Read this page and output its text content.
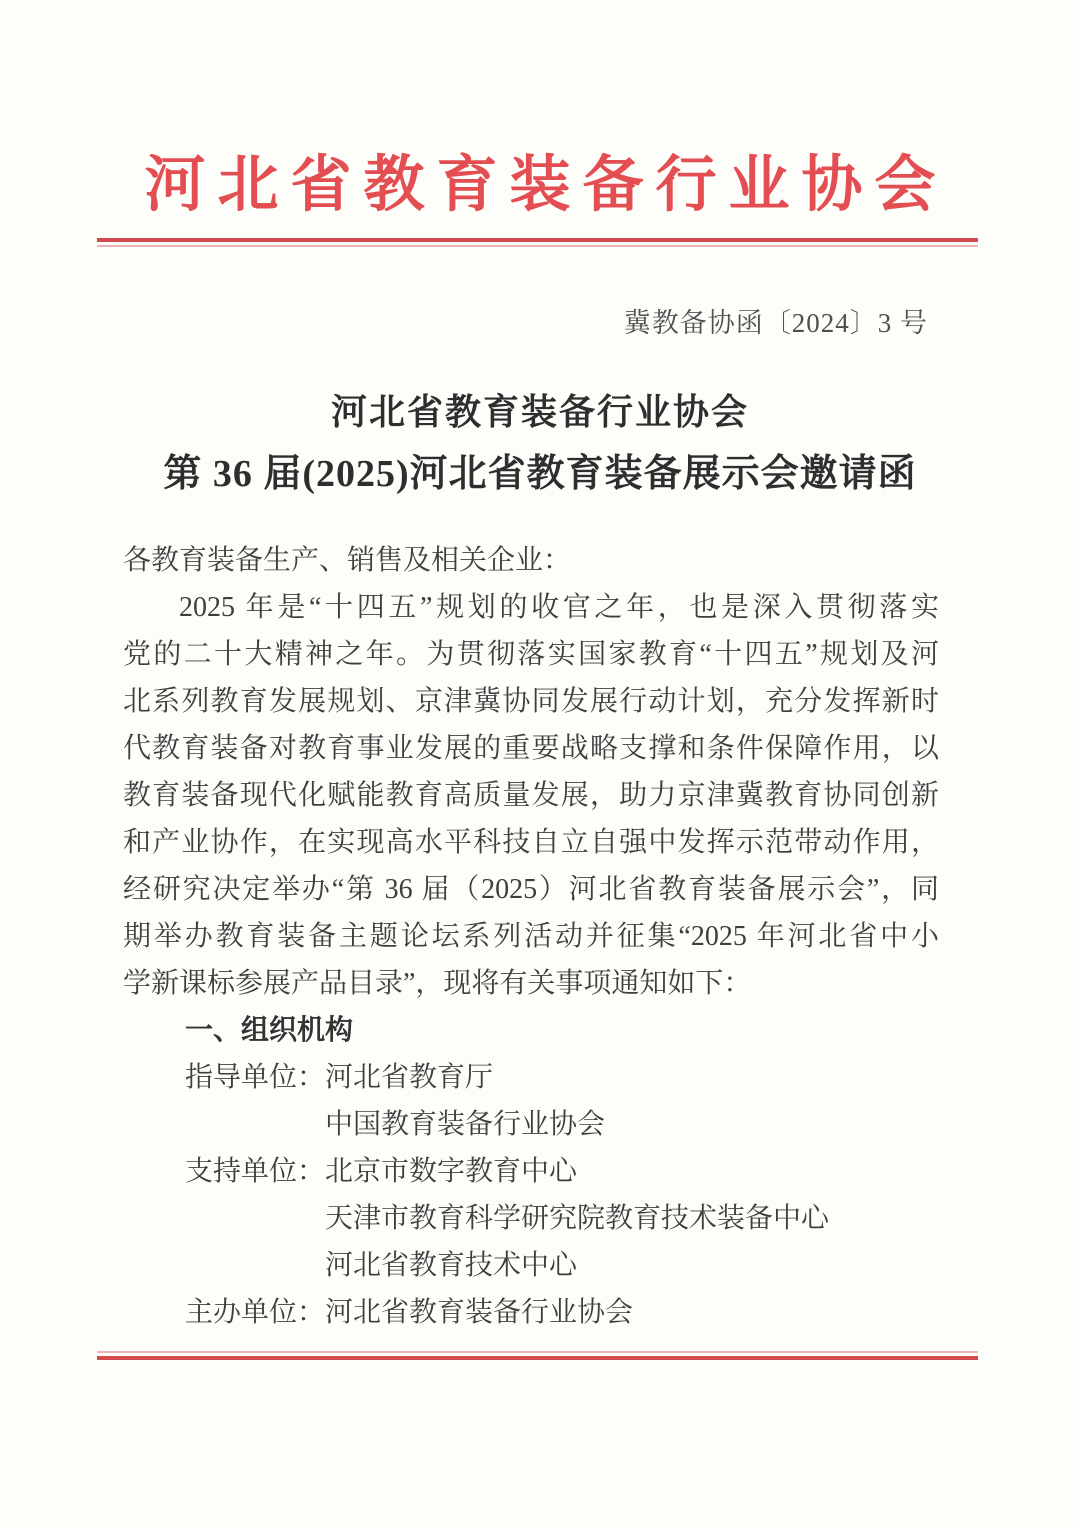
河北省教育装备行业协会
冀教备协函〔2024〕3 号
河北省教育装备行业协会
第 36 届(2025)河北省教育装备展示会邀请函
各教育装备生产、销售及相关企业：
2025 年是“十四五”规划的收官之年，也是深入贯彻落实
党的二十大精神之年。为贯彻落实国家教育“十四五”规划及河
北系列教育发展规划、京津冀协同发展行动计划，充分发挥新时
代教育装备对教育事业发展的重要战略支撑和条件保障作用，以
教育装备现代化赋能教育高质量发展，助力京津冀教育协同创新
和产业协作，在实现高水平科技自立自强中发挥示范带动作用，
经研究决定举办“第 36 届（2025）河北省教育装备展示会”，同
期举办教育装备主题论坛系列活动并征集“2025 年河北省中小
学新课标参展产品目录”，现将有关事项通知如下：
一、组织机构
指导单位：河北省教育厅
中国教育装备行业协会
支持单位：北京市数字教育中心
天津市教育科学研究院教育技术装备中心
河北省教育技术中心
主办单位：河北省教育装备行业协会
